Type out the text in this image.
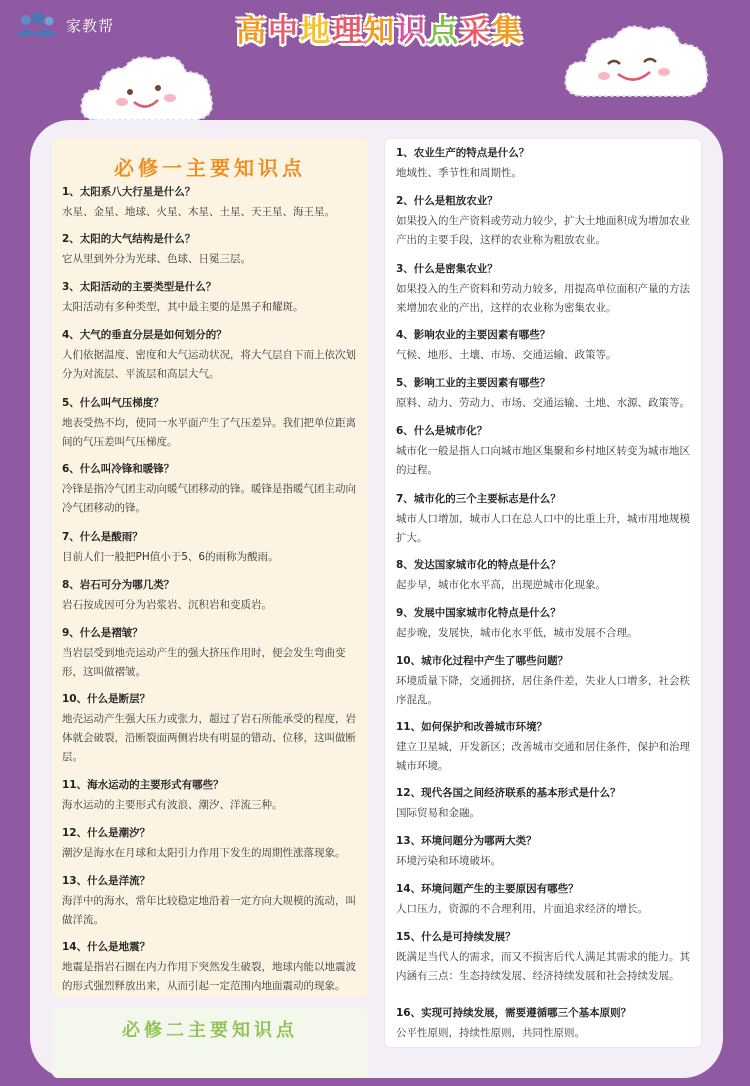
家教帮	高中地理知识点采集
必修一主要知识点
必修二主要知识点
1、太阳系八大行星是什么？
水星、金星、地球、火星、木星、土星、天王星、海王星。
2、太阳的大气结构是什么？
它从里到外分为光球、色球、日冕三层。
3、太阳活动的主要类型是什么？
太阳活动有多种类型，其中最主要的是黑子和耀斑。
4、大气的垂直分层是如何划分的？
人们依据温度、密度和大气运动状况，将大气层自下而上依次划分为对流层、平流层和高层大气。
5、什么叫气压梯度？
地表受热不均，使同一水平面产生了气压差异。我们把单位距离间的气压差叫气压梯度。
6、什么叫冷锋和暖锋？
冷锋是指冷气团主动向暖气团移动的锋。暖锋是指暖气团主动向冷气团移动的锋。
7、什么是酸雨？
目前人们一般把PH值小于5、6的雨称为酸雨。
8、岩石可分为哪几类？
岩石按成因可分为岩浆岩、沉积岩和变质岩。
9、什么是褶皱？
当岩层受到地壳运动产生的强大挤压作用时，便会发生弯曲变形，这叫做褶皱。
10、什么是断层？
地壳运动产生强大压力或张力，超过了岩石所能承受的程度，岩体就会破裂，沿断裂面两侧岩块有明显的错动、位移，这叫做断层。
11、海水运动的主要形式有哪些？
海水运动的主要形式有波浪、潮汐、洋流三种。
12、什么是潮汐？
潮汐是海水在月球和太阳引力作用下发生的周期性涨落现象。
13、什么是洋流？
海洋中的海水，常年比较稳定地沿着一定方向大规模的流动，叫做洋流。
14、什么是地震？
地震是指岩石圈在内力作用下突然发生破裂，地球内能以地震波的形式强烈释放出来，从而引起一定范围内地面震动的现象。
1、农业生产的特点是什么？
地域性、季节性和周期性。
2、什么是粗放农业？
如果投入的生产资料或劳动力较少，扩大土地面积成为增加农业产出的主要手段，这样的农业称为粗放农业。
3、什么是密集农业？
如果投入的生产资料和劳动力较多，用提高单位面积产量的方法来增加农业的产出，这样的农业称为密集农业。
4、影响农业的主要因素有哪些？
气候、地形、土壤、市场、交通运输、政策等。
5、影响工业的主要因素有哪些？
原料、动力、劳动力、市场、交通运输、土地、水源、政策等。
6、什么是城市化？
城市化一般是指人口向城市地区集聚和乡村地区转变为城市地区的过程。
7、城市化的三个主要标志是什么？
城市人口增加，城市人口在总人口中的比重上升，城市用地规模扩大。
8、发达国家城市化的特点是什么？
起步早，城市化水平高，出现逆城市化现象。
9、发展中国家城市化特点是什么？
起步晚，发展快，城市化水平低，城市发展不合理。
10、城市化过程中产生了哪些问题？
环境质量下降，交通拥挤，居住条件差，失业人口增多，社会秩序混乱。
11、如何保护和改善城市环境？
建立卫星城，开发新区；改善城市交通和居住条件，保护和治理城市环境。
12、现代各国之间经济联系的基本形式是什么？
国际贸易和金融。
13、环境问题分为哪两大类？
环境污染和环境破坏。
14、环境问题产生的主要原因有哪些？
人口压力，资源的不合理利用，片面追求经济的增长。
15、什么是可持续发展？
既满足当代人的需求，而又不损害后代人满足其需求的能力。其内涵有三点：生态持续发展、经济持续发展和社会持续发展。
16、实现可持续发展，需要遵循哪三个基本原则？
公平性原则，持续性原则，共同性原则。
